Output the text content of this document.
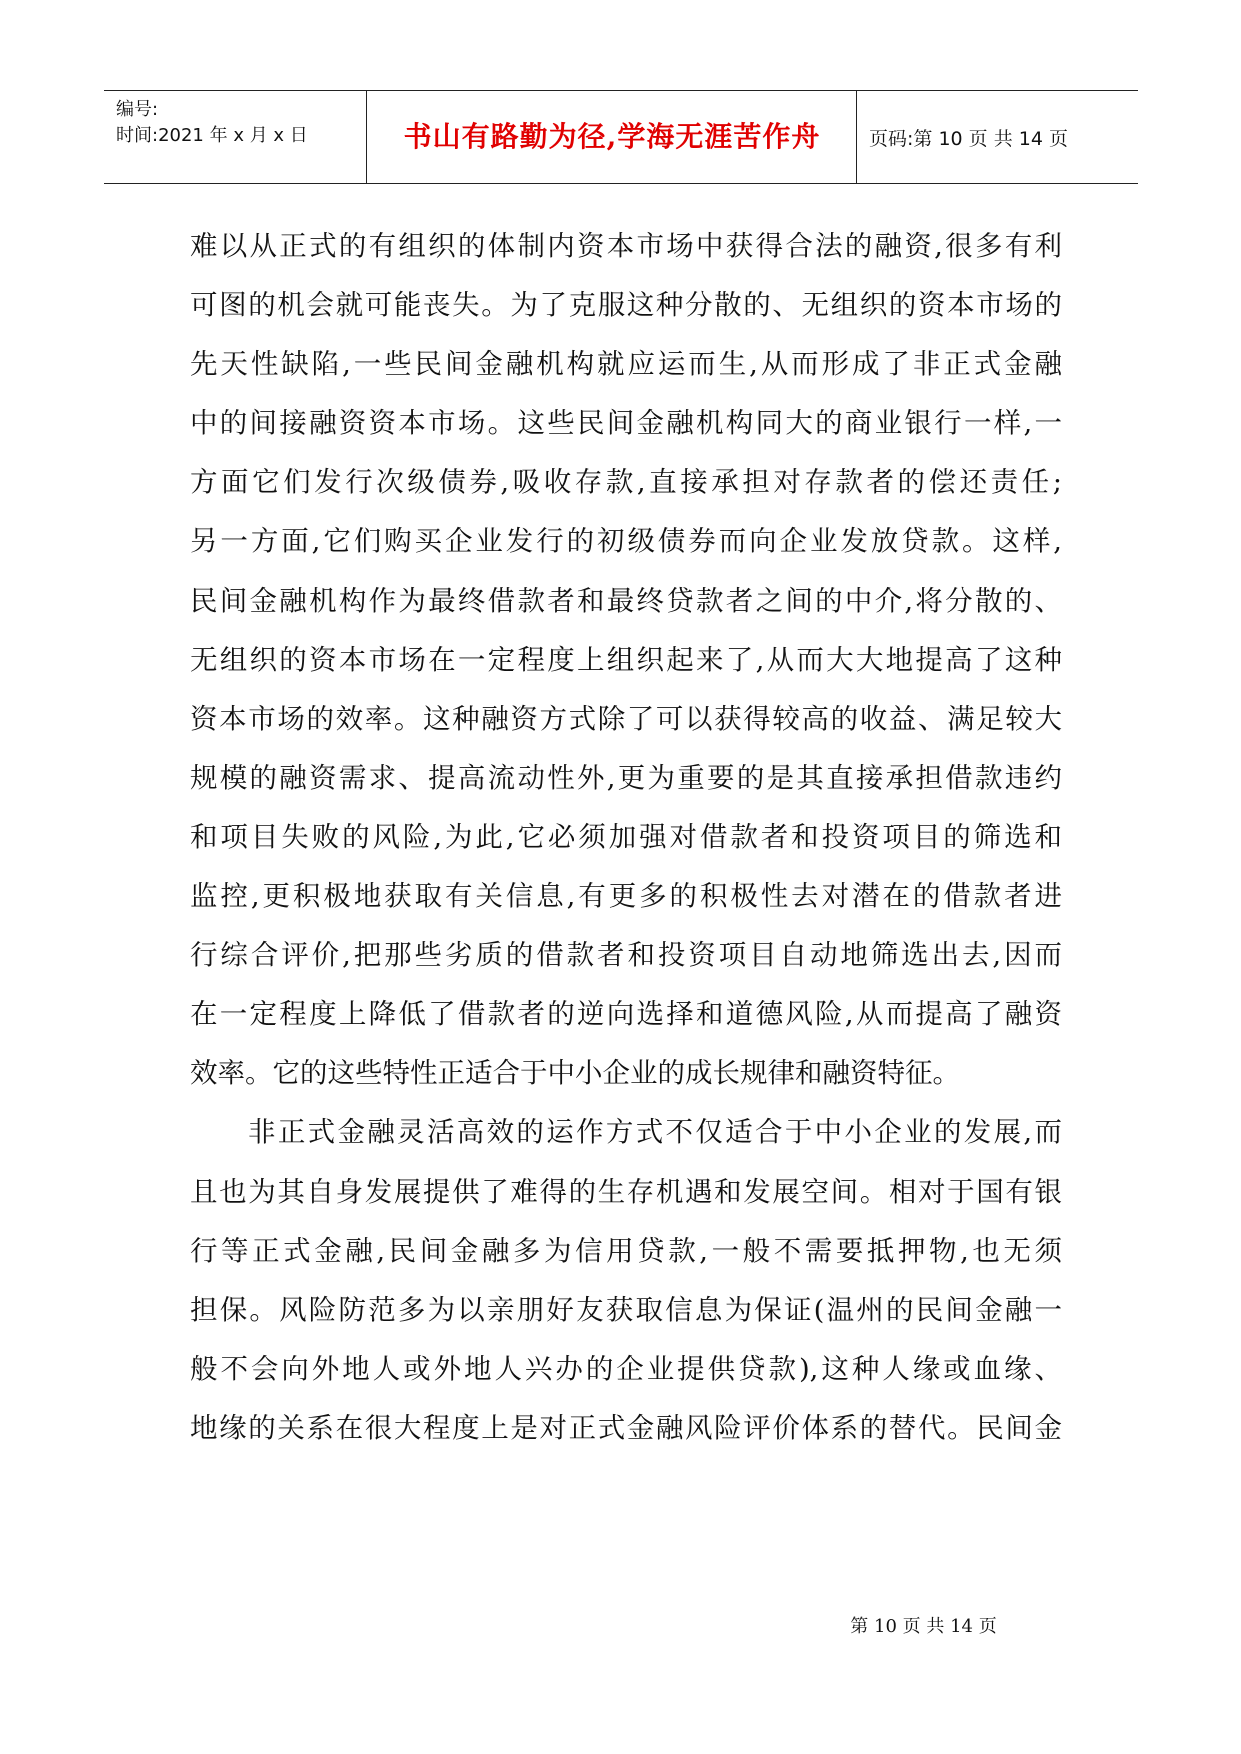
编号:
时间:2021 年 x 月 x 日	书山有路勤为径,学海无涯苦作舟	页码:第 10 页 共 14 页
难以从正式的有组织的体制内资本市场中获得合法的融资,很多有利
可图的机会就可能丧失。为了克服这种分散的、无组织的资本市场的
先天性缺陷,一些民间金融机构就应运而生,从而形成了非正式金融
中的间接融资资本市场。这些民间金融机构同大的商业银行一样,一
方面它们发行次级债券,吸收存款,直接承担对存款者的偿还责任;
另一方面,它们购买企业发行的初级债券而向企业发放贷款。这样,
民间金融机构作为最终借款者和最终贷款者之间的中介,将分散的、
无组织的资本市场在一定程度上组织起来了,从而大大地提高了这种
资本市场的效率。这种融资方式除了可以获得较高的收益、满足较大
规模的融资需求、提高流动性外,更为重要的是其直接承担借款违约
和项目失败的风险,为此,它必须加强对借款者和投资项目的筛选和
监控,更积极地获取有关信息,有更多的积极性去对潜在的借款者进
行综合评价,把那些劣质的借款者和投资项目自动地筛选出去,因而
在一定程度上降低了借款者的逆向选择和道德风险,从而提高了融资
效率。它的这些特性正适合于中小企业的成长规律和融资特征。
非正式金融灵活高效的运作方式不仅适合于中小企业的发展,而
且也为其自身发展提供了难得的生存机遇和发展空间。相对于国有银
行等正式金融,民间金融多为信用贷款,一般不需要抵押物,也无须
担保。风险防范多为以亲朋好友获取信息为保证(温州的民间金融一
般不会向外地人或外地人兴办的企业提供贷款),这种人缘或血缘、
地缘的关系在很大程度上是对正式金融风险评价体系的替代。民间金
第 10 页 共 14 页
